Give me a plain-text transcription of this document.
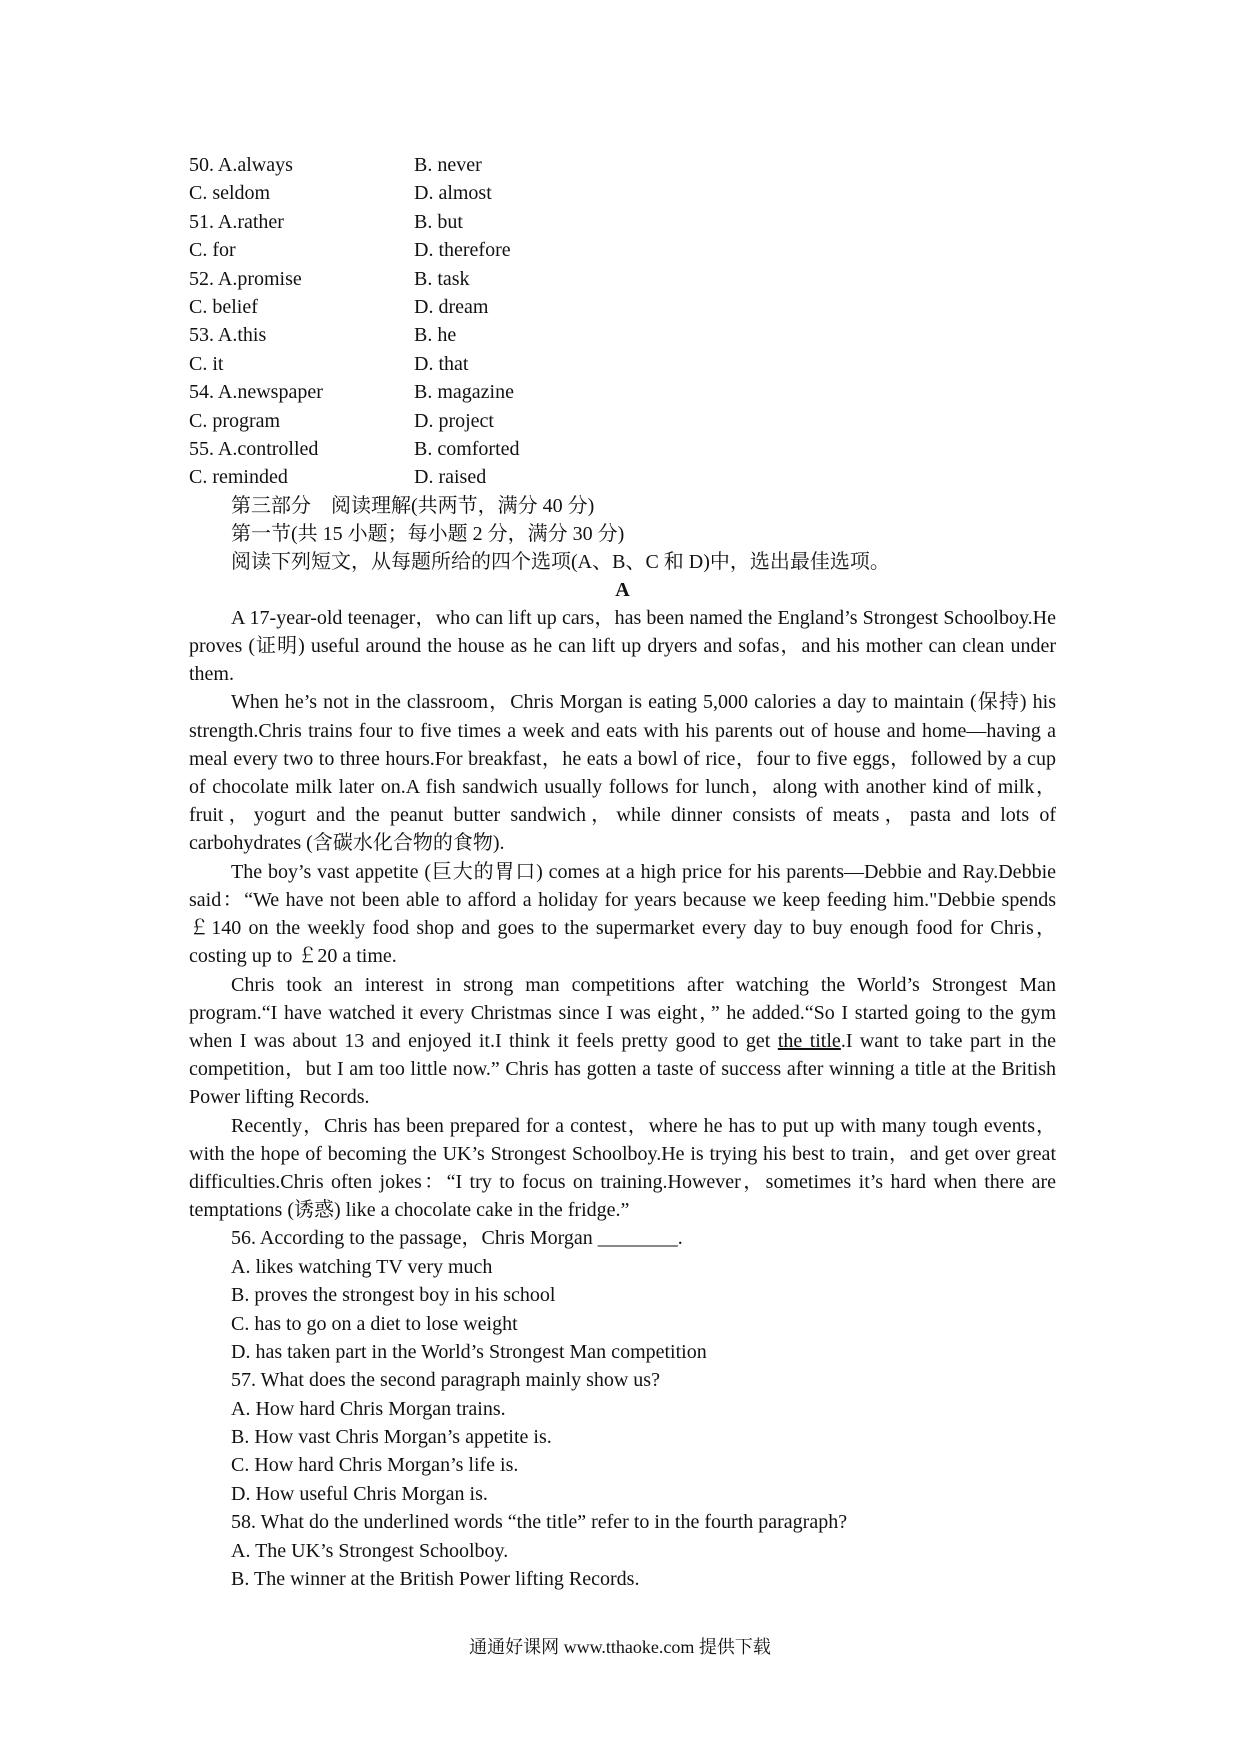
50. A.always	B. never
C. seldom	D. almost
51. A.rather	B. but
C. for	D. therefore
52. A.promise	B. task
C. belief	D. dream
53. A.this	B. he
C. it	D. that
54. A.newspaper	B. magazine
C. program	D. project
55. A.controlled	B. comforted
C. reminded	D. raised
第三部分　阅读理解(共两节，满分 40 分)
第一节(共 15 小题；每小题 2 分，满分 30 分)
阅读下列短文，从每题所给的四个选项(A、B、C 和 D)中，选出最佳选项。
A

A 17-year-old teenager，who can lift up cars，has been named the England’s Strongest Schoolboy.He proves (证明) useful around the house as he can lift up dryers and sofas，and his mother can clean under them.

When he’s not in the classroom，Chris Morgan is eating 5,000 calories a day to maintain (保持) his strength.Chris trains four to five times a week and eats with his parents out of house and home—having a meal every two to three hours.For breakfast，he eats a bowl of rice，four to five eggs，followed by a cup of chocolate milk later on.A fish sandwich usually follows for lunch，along with another kind of milk，fruit，yogurt and the peanut butter sandwich，while dinner consists of meats，pasta and lots of carbohydrates (含碳水化合物的食物).

The boy’s vast appetite (巨大的胃口) comes at a high price for his parents—Debbie and Ray.Debbie said：“We have not been able to afford a holiday for years because we keep feeding him."Debbie spends ￡140 on the weekly food shop and goes to the supermarket every day to buy enough food for Chris，costing up to ￡20 a time.

Chris took an interest in strong man competitions after watching the World’s Strongest Man program.“I have watched it every Christmas since I was eight，” he added.“So I started going to the gym when I was about 13 and enjoyed it.I think it feels pretty good to get the title.I want to take part in the competition，but I am too little now.” Chris has gotten a taste of success after winning a title at the British Power lifting Records.

Recently，Chris has been prepared for a contest，where he has to put up with many tough events，with the hope of becoming the UK’s Strongest Schoolboy.He is trying his best to train，and get over great difficulties.Chris often jokes：“I try to focus on training.However，sometimes it’s hard when there are temptations (诱惑) like a chocolate cake in the fridge.”

56. According to the passage，Chris Morgan ________.
A. likes watching TV very much
B. proves the strongest boy in his school
C. has to go on a diet to lose weight
D. has taken part in the World’s Strongest Man competition
57. What does the second paragraph mainly show us?
A. How hard Chris Morgan trains.
B. How vast Chris Morgan’s appetite is.
C. How hard Chris Morgan’s life is.
D. How useful Chris Morgan is.
58. What do the underlined words “the title” refer to in the fourth paragraph?
A. The UK’s Strongest Schoolboy.
B. The winner at the British Power lifting Records.
通通好课网 www.tthaoke.com 提供下载
